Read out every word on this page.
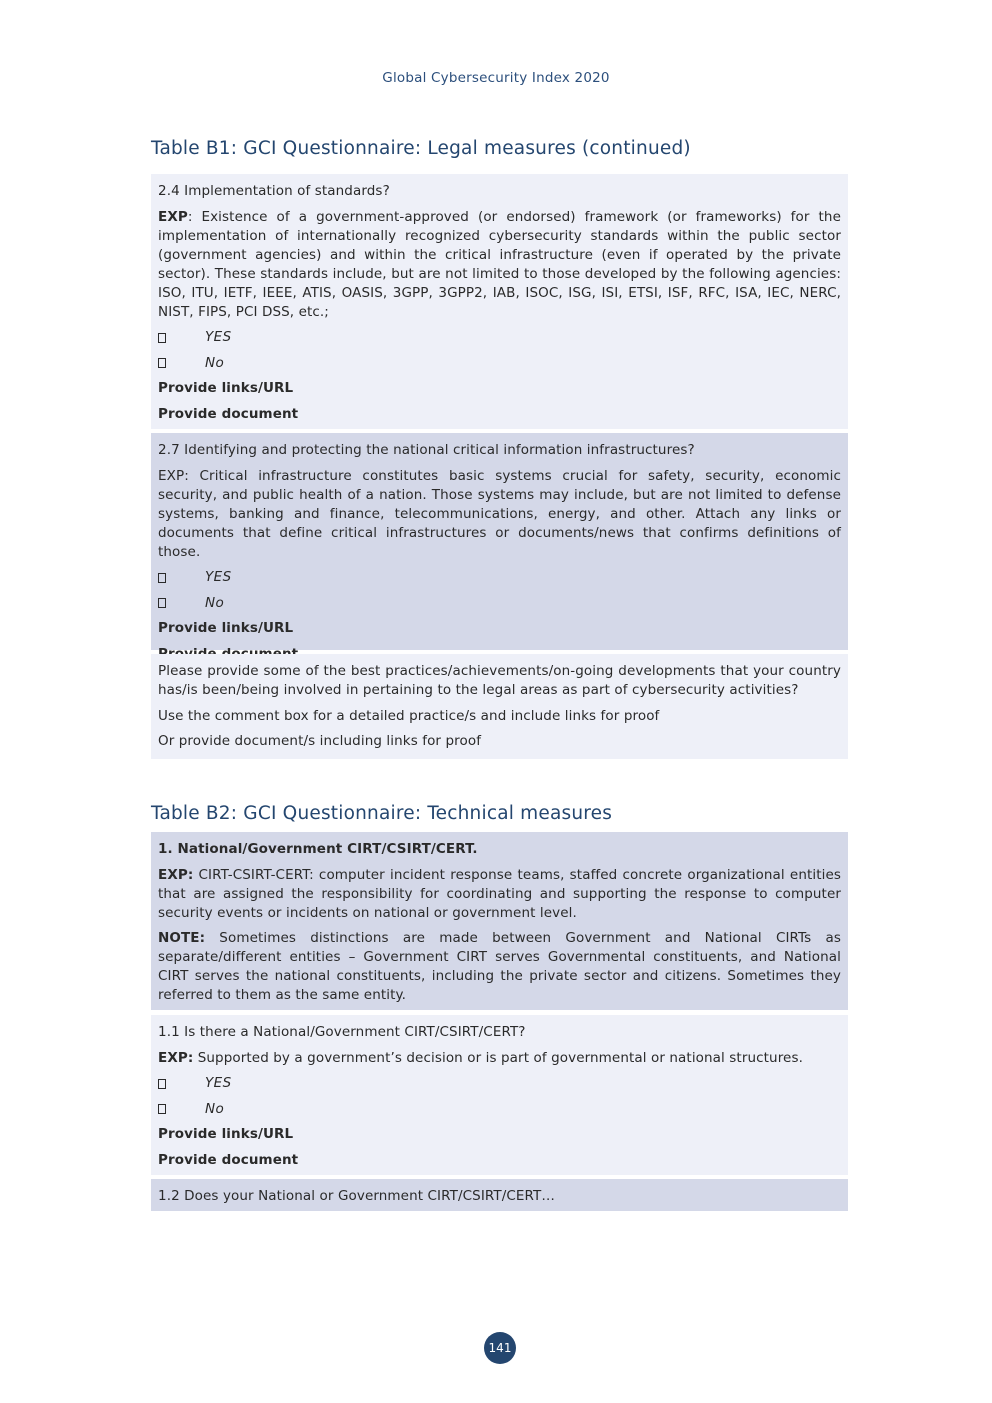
Global Cybersecurity Index 2020
Table B1: GCI Questionnaire: Legal measures (continued)
2.4 Implementation of standards?
EXP: Existence of a government-approved (or endorsed) framework (or frameworks) for the implementation of internationally recognized cybersecurity standards within the public sector (government agencies) and within the critical infrastructure (even if operated by the private sector). These standards include, but are not limited to those developed by the following agencies: ISO, ITU, IETF, IEEE, ATIS, OASIS, 3GPP, 3GPP2, IAB, ISOC, ISG, ISI, ETSI, ISF, RFC, ISA, IEC, NERC, NIST, FIPS, PCI DSS, etc.;
YES
No
Provide links/URL
Provide document
2.7 Identifying and protecting the national critical information infrastructures?
EXP: Critical infrastructure constitutes basic systems crucial for safety, security, economic security, and public health of a nation. Those systems may include, but are not limited to defense systems, banking and finance, telecommunications, energy, and other. Attach any links or documents that define critical infrastructures or documents/news that confirms definitions of those.
YES
No
Provide links/URL
Please provide some of the best practices/achievements/on-going developments that your country has/is been/being involved in pertaining to the legal areas as part of cybersecurity activities?
Use the comment box for a detailed practice/s and include links for proof
Or provide document/s including links for proof
Table B2: GCI Questionnaire: Technical measures
1. National/Government CIRT/CSIRT/CERT.
EXP: CIRT-CSIRT-CERT: computer incident response teams, staffed concrete organizational entities that are assigned the responsibility for coordinating and supporting the response to computer security events or incidents on national or government level.
NOTE: Sometimes distinctions are made between Government and National CIRTs as separate/different entities – Government CIRT serves Governmental constituents, and National CIRT serves the national constituents, including the private sector and citizens. Sometimes they referred to them as the same entity.
1.1 Is there a National/Government CIRT/CSIRT/CERT?
EXP: Supported by a government’s decision or is part of governmental or national structures.
YES
No
Provide links/URL
Provide document
1.2 Does your National or Government CIRT/CSIRT/CERT…
141
